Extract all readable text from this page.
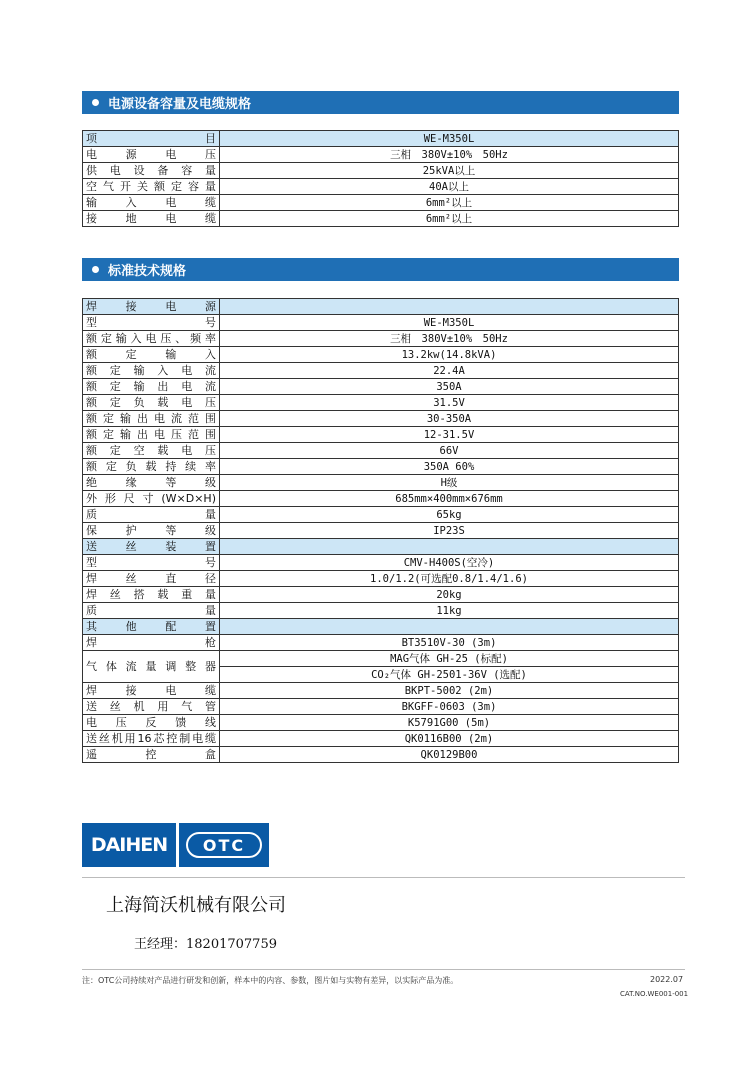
电源设备容量及电缆规格
项目	WE-M350L
电源电压	三相　380V±10%　50Hz
供电设备容量	25kVA以上
空气开关额定容量	40A以上
输入电缆	6mm²以上
接地电缆	6mm²以上
标准技术规格
焊接电源	
型号	WE-M350L
额定输入电压、频率	三相　380V±10%　50Hz
额定输入	13.2kw(14.8kVA)
额定输入电流	22.4A
额定输出电流	350A
额定负载电压	31.5V
额定输出电流范围	30-350A
额定输出电压范围	12-31.5V
额定空载电压	66V
额定负载持续率	350A 60%
绝缘等级	H级
外形尺寸(W×D×H)	685mm×400mm×676mm
质量	65kg
保护等级	IP23S
送丝装置	
型号	CMV-H400S(空冷)
焊丝直径	1.0/1.2(可选配0.8/1.4/1.6)
焊丝搭载重量	20kg
质量	11kg
其他配置	
焊枪	BT3510V-30 (3m)
气体流量调整器	MAG气体 GH-25 (标配)
	CO₂气体 GH-2501-36V (选配)
焊接电缆	BKPT-5002 (2m)
送丝机用气管	BKGFF-0603 (3m)
电压反馈线	K5791G00 (5m)
送丝机用16芯控制电缆	QK0116B00 (2m)
遥控盒	QK0129B00
DAIHEN	OTC
上海简沃机械有限公司
王经理：18201707759
注：OTC公司持续对产品进行研发和创新，样本中的内容、参数，图片如与实物有差异，以实际产品为准。	2022.07
CAT.NO.WE001-001
